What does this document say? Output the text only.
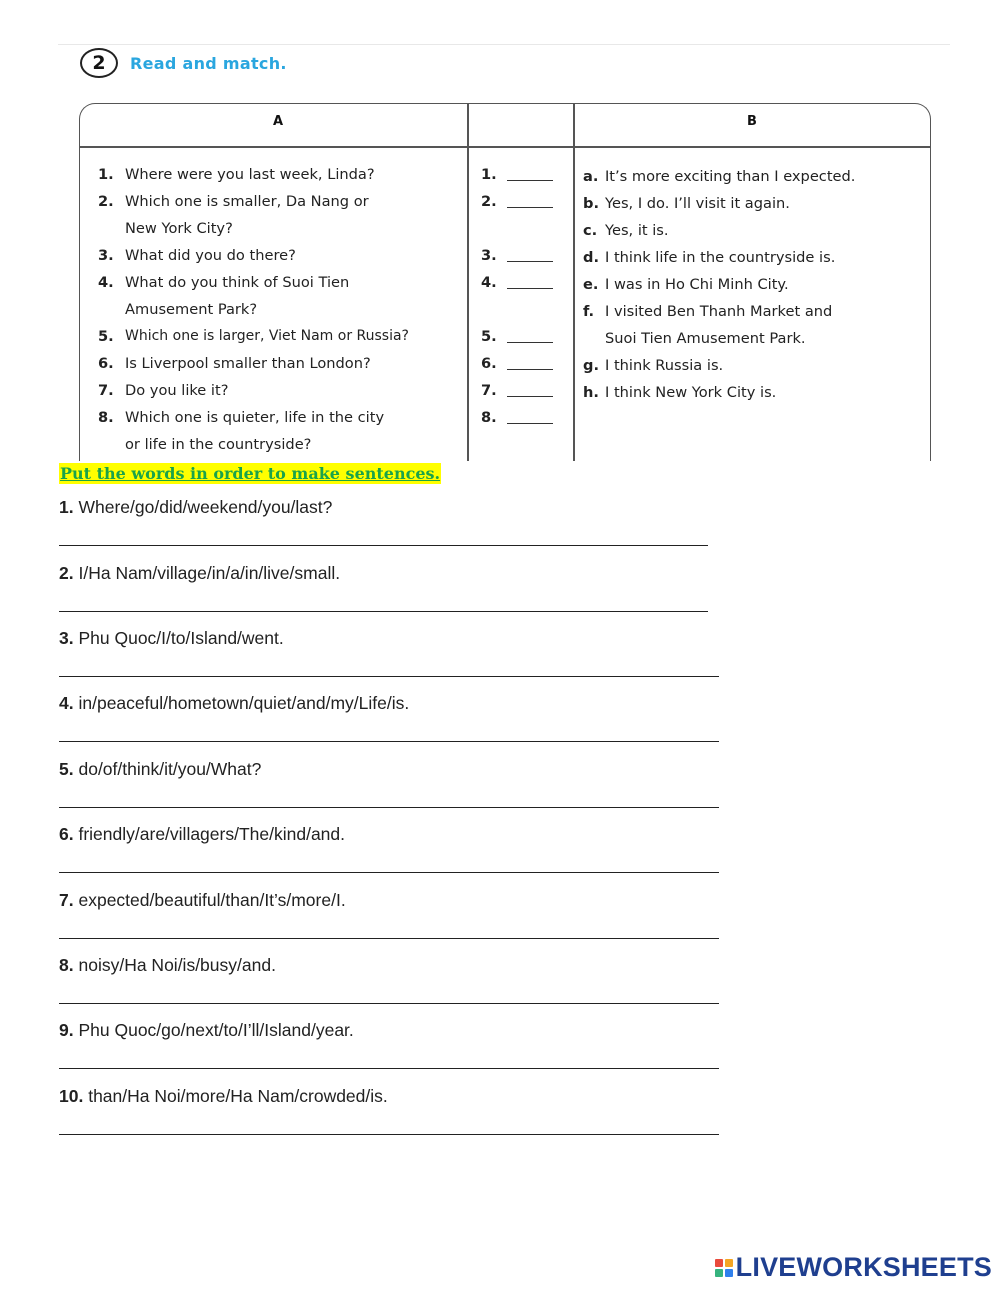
2	Read and match.
A	B
1. Where were you last week, Linda?
2. Which one is smaller, Da Nang or
New York City?
3. What did you do there?
4. What do you think of Suoi Tien
Amusement Park?
5. Which one is larger, Viet Nam or Russia?
6. Is Liverpool smaller than London?
7. Do you like it?
8. Which one is quieter, life in the city
or life in the countryside?
1.
2.
3.
4.
5.
6.
7.
8.
a. It’s more exciting than I expected.
b. Yes, I do. I’ll visit it again.
c. Yes, it is.
d. I think life in the countryside is.
e. I was in Ho Chi Minh City.
f. I visited Ben Thanh Market and
Suoi Tien Amusement Park.
g. I think Russia is.
h. I think New York City is.
Put the words in order to make sentences.
1. Where/go/did/weekend/you/last?
2. I/Ha Nam/village/in/a/in/live/small.
3. Phu Quoc/I/to/Island/went.
4. in/peaceful/hometown/quiet/and/my/Life/is.
5. do/of/think/it/you/What?
6. friendly/are/villagers/The/kind/and.
7. expected/beautiful/than/It’s/more/I.
8. noisy/Ha Noi/is/busy/and.
9. Phu Quoc/go/next/to/I’ll/Island/year.
10. than/Ha Noi/more/Ha Nam/crowded/is.
LIVEWORKSHEETS
